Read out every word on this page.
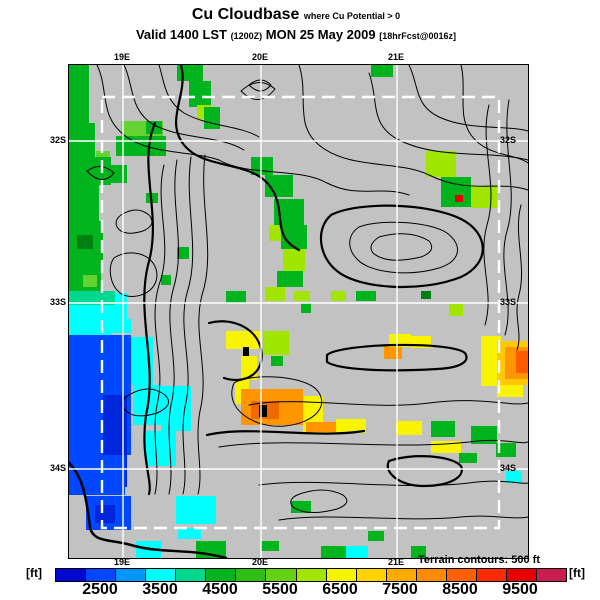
Cu Cloudbase where Cu Potential > 0
Valid 1400 LST (1200Z) MON 25 May 2009 [18hrFcst@0016z]
19E
19E
20E
20E
21E
21E
32S	32S
33S	33S
34S	34S
Terrain contours: 500 ft
[ft]	[ft]
2500 3500 4500 5500 6500 7500 8500 9500
